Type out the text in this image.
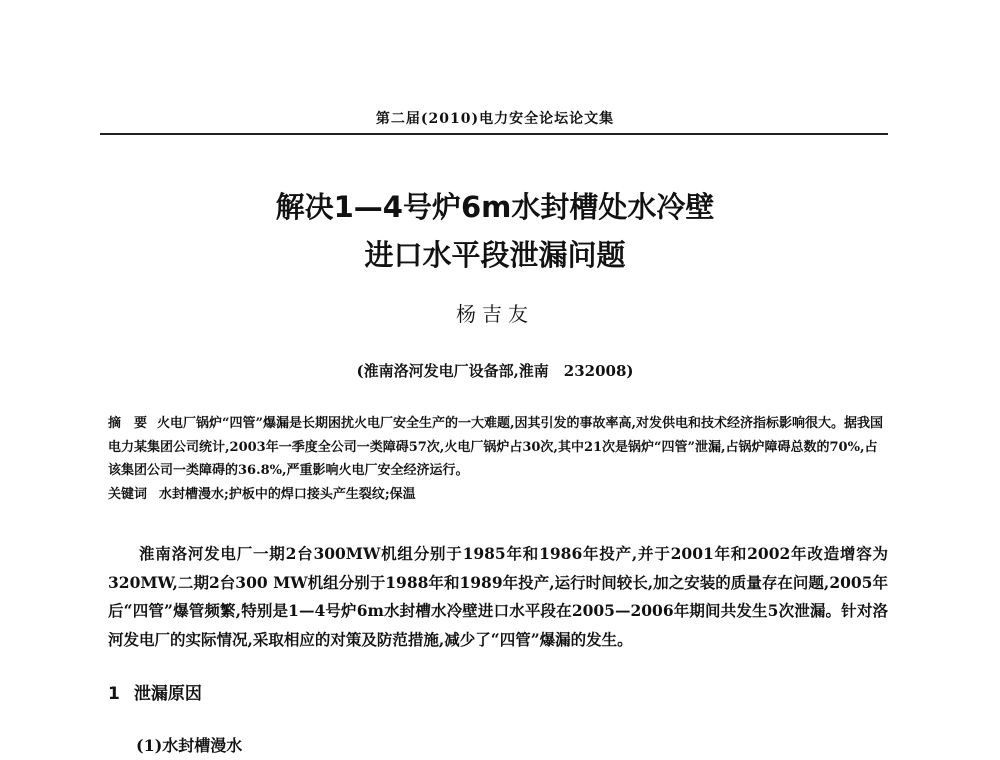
第二届(2010)电力安全论坛论文集
解决1—4号炉6m水封槽处水冷壁
进口水平段泄漏问题
杨吉友
(淮南洛河发电厂设备部,淮南　232008)
摘　要 火电厂锅炉“四管”爆漏是长期困扰火电厂安全生产的一大难题,因其引发的事故率高,对发供电和技术经济指标影响很大。据我国电力某集团公司统计,2003年一季度全公司一类障碍57次,火电厂锅炉占30次,其中21次是锅炉“四管”泄漏,占锅炉障碍总数的70%,占该集团公司一类障碍的36.8%,严重影响火电厂安全经济运行。
关键词 水封槽漫水;护板中的焊口接头产生裂纹;保温
淮南洛河发电厂一期2台300MW机组分别于1985年和1986年投产,并于2001年和2002年改造增容为320MW,二期2台300 MW机组分别于1988年和1989年投产,运行时间较长,加之安装的质量存在问题,2005年后“四管”爆管频繁,特别是1—4号炉6m水封槽水冷壁进口水平段在2005—2006年期间共发生5次泄漏。针对洛河发电厂的实际情况,采取相应的对策及防范措施,减少了“四管”爆漏的发生。
1 泄漏原因
(1)水封槽漫水
